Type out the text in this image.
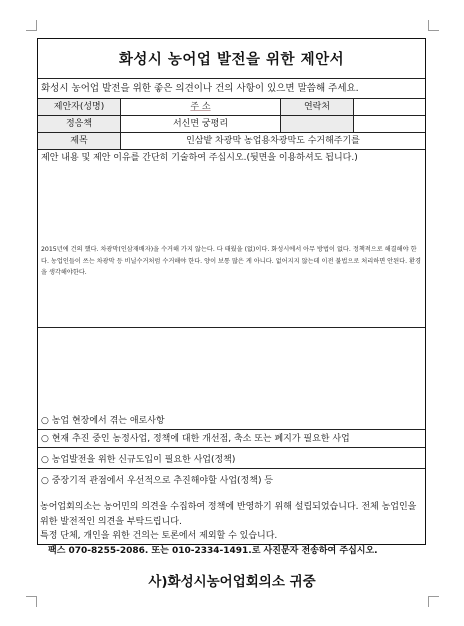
화성시 농어업 발전을 위한 제안서
화성시 농어업 발전을 위한 좋은 의견이나 건의 사항이 있으면 말씀해 주세요.
제안자(성명)	주 소	연락처
정응책	서신면 궁평리
제목	인삼밭 차광막 농업용차광막도 수거해주기를
제안 내용 및 제안 이유를 간단히 기술하여 주십시오.(뒷면을 이용하셔도 됩니다.)
2015년에 건의 했다. 차광막(인삼재배자)을 수거해 가지 않는다. 다 태웠을 (없)이다. 화성시에서 아무 방법이 없다. 정책적으로 해결해야 한다. 농업인들이 쓰는 차광막 등 비닐수거처럼 수거해야 한다. 양이 보통 많은 게 아니다. 없어지지 않는데 이전 불법으로 처리하면 안된다. 환경을 생각해야한다.
○ 농업 현장에서 겪는 애로사항
○ 현재 추진 중인 농정사업, 정책에 대한 개선점, 축소 또는 폐지가 필요한 사업
○ 농업발전을 위한 신규도입이 필요한 사업(정책)
○ 중장기적 관점에서 우선적으로 추진해야할 사업(정책) 등
농어업회의소는 농어민의 의견을 수집하여 정책에 반영하기 위해 설립되었습니다. 전체 농업인을 위한 발전적인 의견을 부탁드립니다.
특정 단체, 개인을 위한 건의는 토론에서 제외할 수 있습니다.
팩스 070-8255-2086. 또는 010-2334-1491.로 사진문자 전송하여 주십시오.
사)화성시농어업회의소 귀중
